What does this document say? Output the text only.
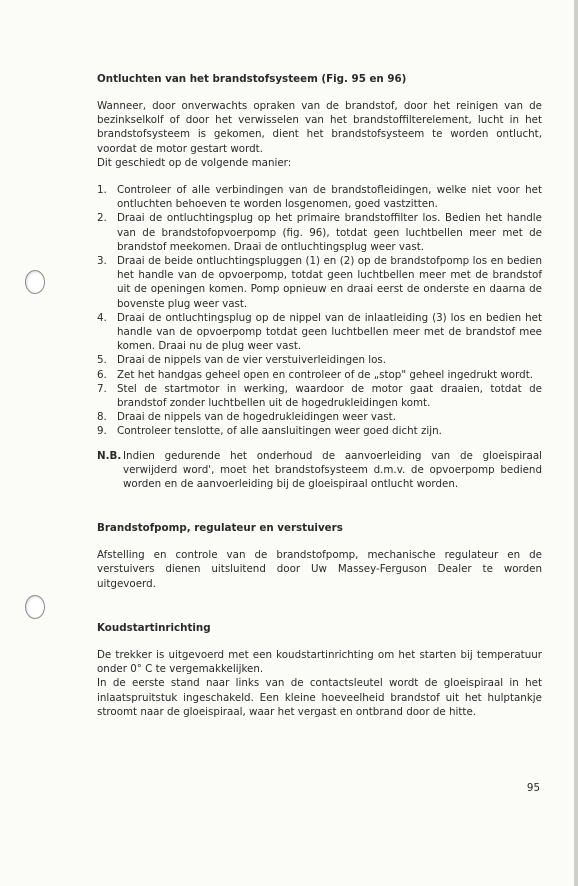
Ontluchten van het brandstofsysteem (Fig. 95 en 96)

Wanneer, door onverwachts opraken van de brandstof, door het reinigen van de bezinkselkolf of door het verwisselen van het brandstoffilterelement, lucht in het brandstofsysteem is gekomen, dient het brandstofsysteem te worden ontlucht, voordat de motor gestart wordt.

Dit geschiedt op de volgende manier:

1. Controleer of alle verbindingen van de brandstofleidingen, welke niet voor het ontluchten behoeven te worden losgenomen, goed vastzitten.
2. Draai de ontluchtingsplug op het primaire brandstoffilter los. Bedien het handle van de brandstofopvoerpomp (fig. 96), totdat geen luchtbellen meer met de brandstof meekomen. Draai de ontluchtingsplug weer vast.
3. Draai de beide ontluchtingspluggen (1) en (2) op de brandstofpomp los en bedien het handle van de opvoerpomp, totdat geen luchtbellen meer met de brandstof uit de openingen komen. Pomp opnieuw en draai eerst de onderste en daarna de bovenste plug weer vast.
4. Draai de ontluchtingsplug op de nippel van de inlaatleiding (3) los en bedien het handle van de opvoerpomp totdat geen luchtbellen meer met de brandstof mee komen. Draai nu de plug weer vast.
5. Draai de nippels van de vier verstuiverleidingen los.
6. Zet het handgas geheel open en controleer of de „stop" geheel ingedrukt wordt.
7. Stel de startmotor in werking, waardoor de motor gaat draaien, totdat de brandstof zonder luchtbellen uit de hogedrukleidingen komt.
8. Draai de nippels van de hogedrukleidingen weer vast.
9. Controleer tenslotte, of alle aansluitingen weer goed dicht zijn.
N.B. Indien gedurende het onderhoud de aanvoerleiding van de gloeispiraal verwijderd word', moet het brandstofsysteem d.m.v. de opvoerpomp bediend worden en de aanvoerleiding bij de gloeispiraal ontlucht worden.
Brandstofpomp, regulateur en verstuivers

Afstelling en controle van de brandstofpomp, mechanische regulateur en de verstuivers dienen uitsluitend door Uw Massey-Ferguson Dealer te worden uitgevoerd.

Koudstartinrichting

De trekker is uitgevoerd met een koudstartinrichting om het starten bij temperatuur onder 0° C te vergemakkelijken.

In de eerste stand naar links van de contactsleutel wordt de gloeispiraal in het inlaatspruitstuk ingeschakeld. Een kleine hoeveelheid brandstof uit het hulptankje stroomt naar de gloeispiraal, waar het vergast en ontbrand door de hitte.

95
